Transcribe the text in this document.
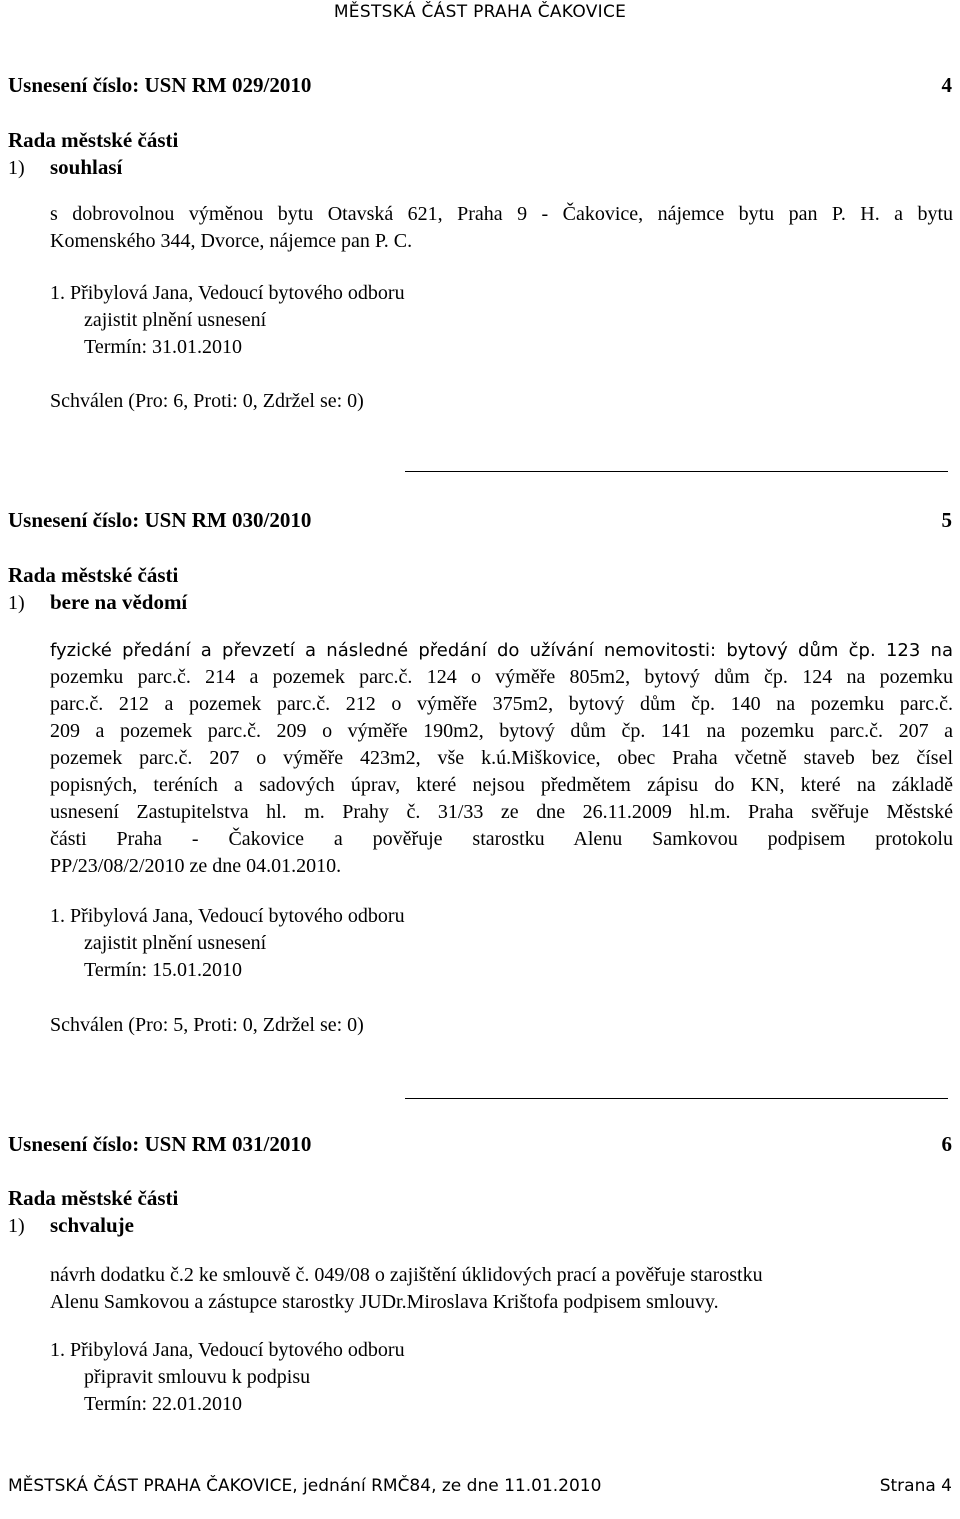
MĚSTSKÁ ČÁST PRAHA ČAKOVICE
Usnesení číslo: USN RM 029/2010	4
Rada městské části
1) souhlasí
s dobrovolnou výměnou bytu Otavská 621, Praha 9 - Čakovice, nájemce bytu pan P. H. a bytu
Komenského 344, Dvorce, nájemce pan P. C.
1. Přibylová Jana, Vedoucí bytového odboru
zajistit plnění usnesení
Termín: 31.01.2010
Schválen (Pro: 6, Proti: 0, Zdržel se: 0)
Usnesení číslo: USN RM 030/2010	5
Rada městské části
1) bere na vědomí
fyzické předání a převzetí a následné předání do užívání nemovitosti: bytový dům čp. 123 na
pozemku parc.č. 214 a pozemek parc.č. 124 o výměře 805m2, bytový dům čp. 124 na pozemku
parc.č. 212 a pozemek parc.č. 212 o výměře 375m2, bytový dům čp. 140 na pozemku parc.č.
209 a pozemek parc.č. 209 o výměře 190m2, bytový dům čp. 141 na pozemku parc.č. 207 a
pozemek parc.č. 207 o výměře 423m2, vše k.ú.Miškovice, obec Praha včetně staveb bez čísel
popisných, teréních a sadových úprav, které nejsou předmětem zápisu do KN, které na základě
usnesení Zastupitelstva hl. m. Prahy č. 31/33 ze dne 26.11.2009 hl.m. Praha svěřuje Městské
části Praha - Čakovice a pověřuje starostku Alenu Samkovou podpisem protokolu
PP/23/08/2/2010 ze dne 04.01.2010.
1. Přibylová Jana, Vedoucí bytového odboru
zajistit plnění usnesení
Termín: 15.01.2010
Schválen (Pro: 5, Proti: 0, Zdržel se: 0)
Usnesení číslo: USN RM 031/2010	6
Rada městské části
1) schvaluje
návrh dodatku č.2 ke smlouvě č. 049/08 o zajištění úklidových prací a pověřuje starostku
Alenu Samkovou a zástupce starostky JUDr.Miroslava Krištofa podpisem smlouvy.
1. Přibylová Jana, Vedoucí bytového odboru
připravit smlouvu k podpisu
Termín: 22.01.2010
MĚSTSKÁ ČÁST PRAHA ČAKOVICE, jednání RMČ84, ze dne 11.01.2010	Strana 4
